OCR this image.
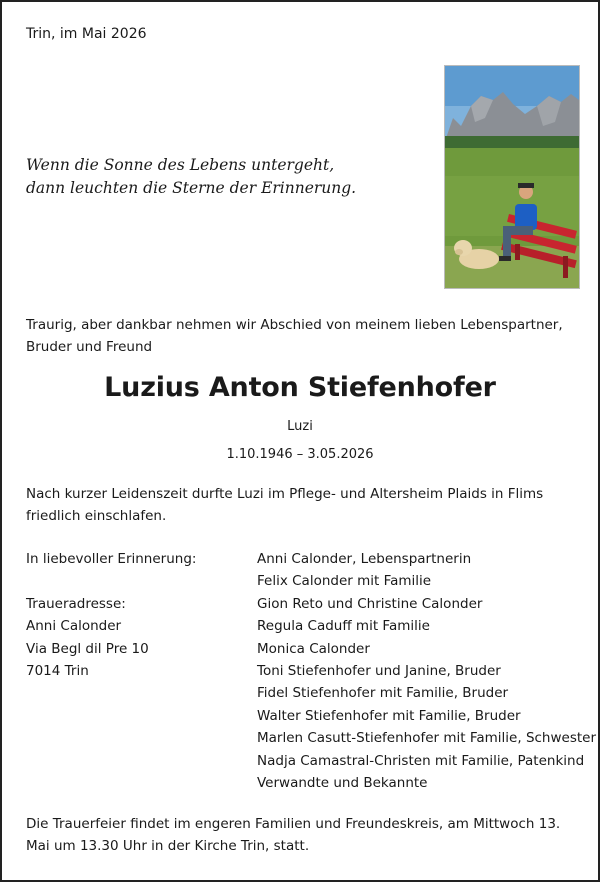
Trin, im Mai 2026
Wenn die Sonne des Lebens untergeht,
dann leuchten die Sterne der Erinnerung.
Traurig, aber dankbar nehmen wir Abschied von meinem lieben Lebenspartner, Bruder und Freund
Luzius Anton Stiefenhofer
Luzi
1.10.1946 – 3.05.2026
Nach kurzer Leidenszeit durfte Luzi im Pflege- und Altersheim Plaids in Flims friedlich einschlafen.
In liebevoller Erinnerung:
Traueradresse:
Anni Calonder
Via Begl dil Pre 10
7014 Trin
Anni Calonder, Lebenspartnerin
Felix Calonder mit Familie
Gion Reto und Christine Calonder
Regula Caduff mit Familie
Monica Calonder
Toni Stiefenhofer und Janine, Bruder
Fidel Stiefenhofer mit Familie, Bruder
Walter Stiefenhofer mit Familie, Bruder
Marlen Casutt-Stiefenhofer mit Familie, Schwester
Nadja Camastral-Christen mit Familie, Patenkind
Verwandte und Bekannte
Die Trauerfeier findet im engeren Familien und Freundeskreis, am Mittwoch 13. Mai um 13.30 Uhr in der Kirche Trin, statt.
